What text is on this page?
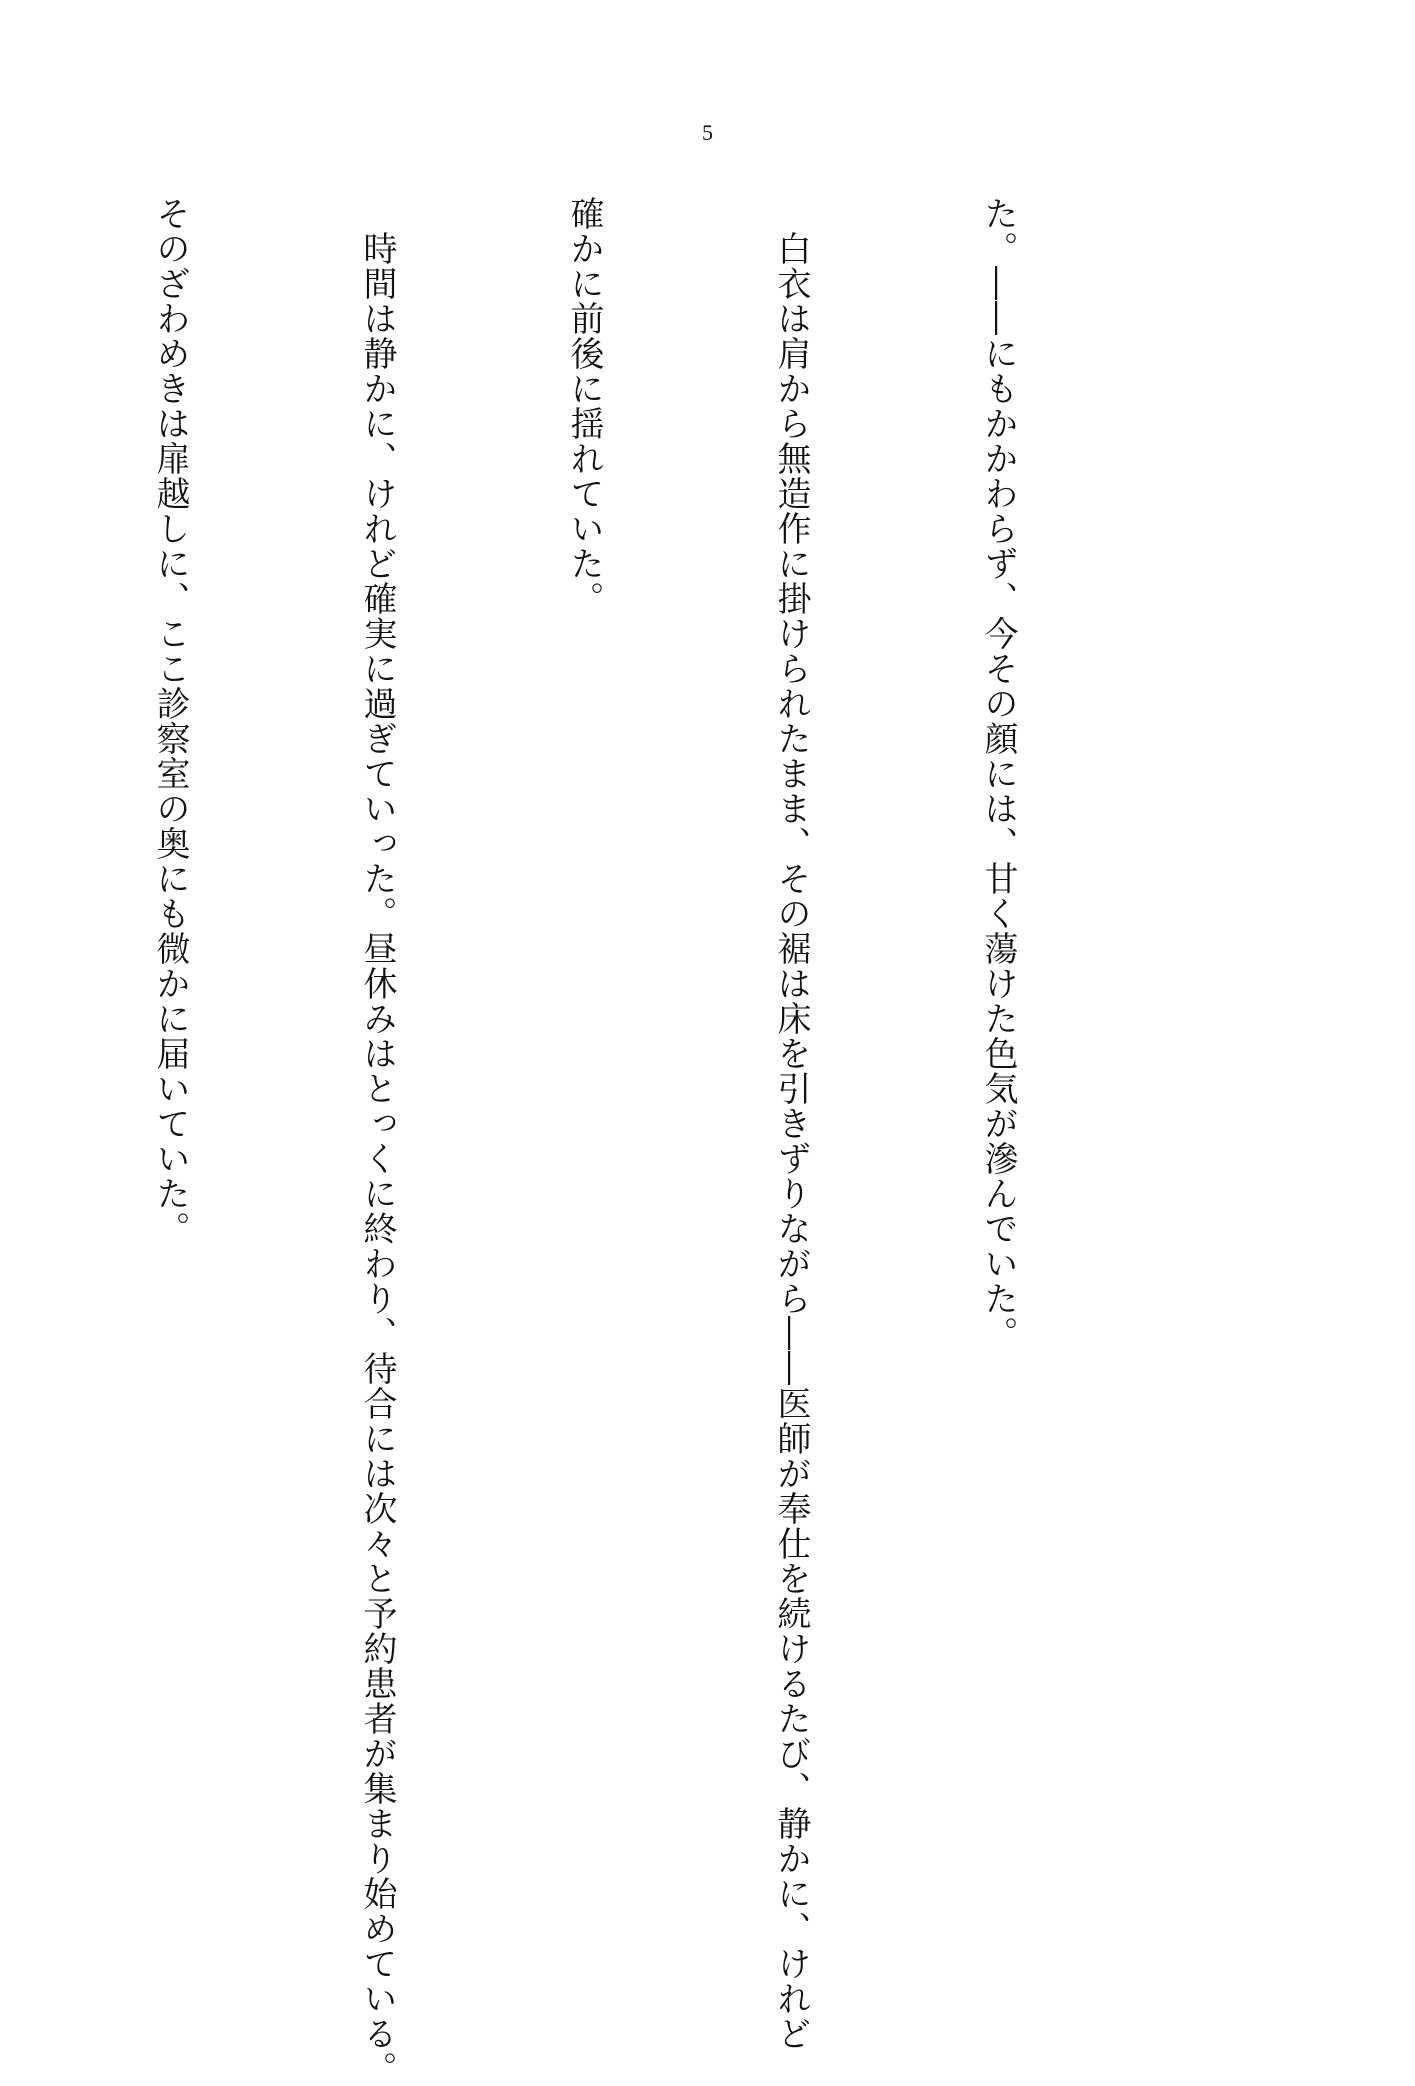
5

た。――にもかかわらず、今その顔には、甘く蕩けた色気が滲んでいた。

　白衣は肩から無造作に掛けられたまま、その裾は床を引きずりながら――医師が奉仕を続けるたび、静かに、けれど

確かに前後に揺れていた。

　時間は静かに、けれど確実に過ぎていった。昼休みはとっくに終わり、待合には次々と予約患者が集まり始めている。

そのざわめきは扉越しに、ここ診察室の奥にも微かに届いていた。
